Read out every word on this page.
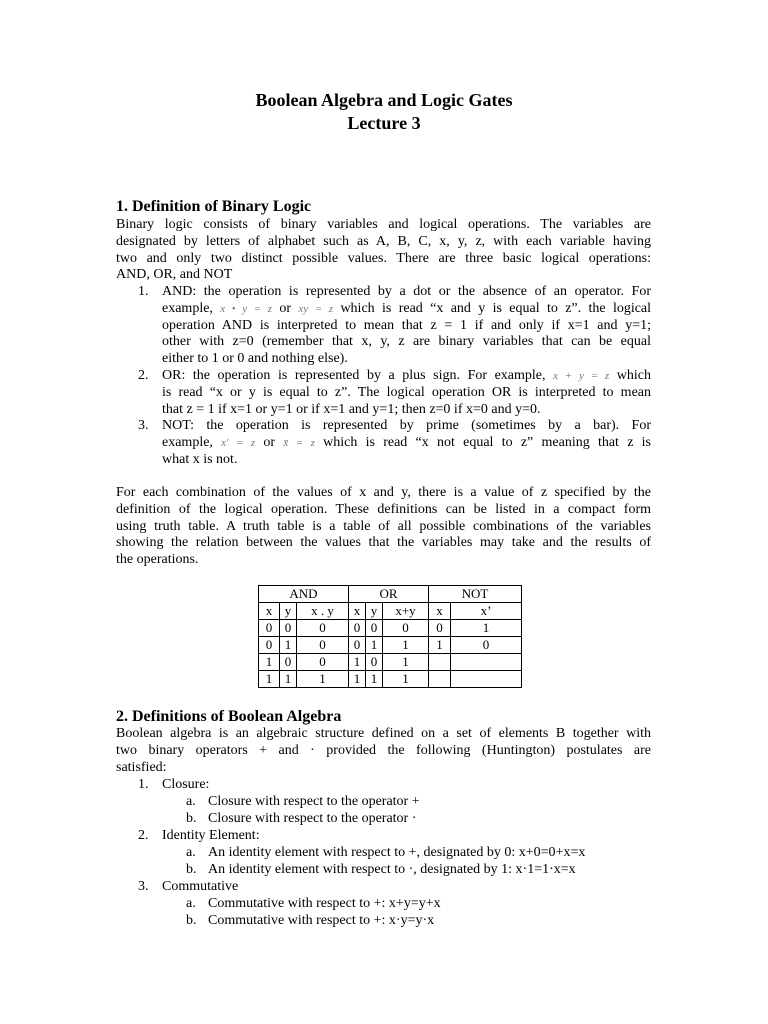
Boolean Algebra and Logic Gates
Lecture 3
1. Definition of Binary Logic
Binary logic consists of binary variables and logical operations. The variables are
designated by letters of alphabet such as A, B, C, x, y, z, with each variable having
two and only two distinct possible values. There are three basic logical operations:
AND, OR, and NOT
1. AND: the operation is represented by a dot or the absence of an operator. For
example, x • y = z or xy = z which is read “x and y is equal to z”. the logical
operation AND is interpreted to mean that z = 1 if and only if x=1 and y=1;
other with z=0 (remember that x, y, z are binary variables that can be equal
either to 1 or 0 and nothing else).
2. OR: the operation is represented by a plus sign. For example, x + y = z which
is read “x or y is equal to z”. The logical operation OR is interpreted to mean
that z = 1 if x=1 or y=1 or if x=1 and y=1; then z=0 if x=0 and y=0.
3. NOT: the operation is represented by prime (sometimes by a bar). For
example, x′ = z or x̄ = z which is read “x not equal to z” meaning that z is
what x is not.
For each combination of the values of x and y, there is a value of z specified by the
definition of the logical operation. These definitions can be listed in a compact form
using truth table. A truth table is a table of all possible combinations of the variables
showing the relation between the values that the variables may take and the results of
the operations.
AND			OR			NOT	
x	y	x . y	x	y	x+y	x	x’
0	0	0	0	0	0	0	1
0	1	0	0	1	1	1	0
1	0	0	1	0	1		
1	1	1	1	1	1		
2. Definitions of Boolean Algebra
Boolean algebra is an algebraic structure defined on a set of elements B together with
two binary operators + and · provided the following (Huntington) postulates are
satisfied:
1. Closure:
a. Closure with respect to the operator +
b. Closure with respect to the operator ·
2. Identity Element:
a. An identity element with respect to +, designated by 0: x+0=0+x=x
b. An identity element with respect to ·, designated by 1: x·1=1·x=x
3. Commutative
a. Commutative with respect to +: x+y=y+x
b. Commutative with respect to +: x·y=y·x
